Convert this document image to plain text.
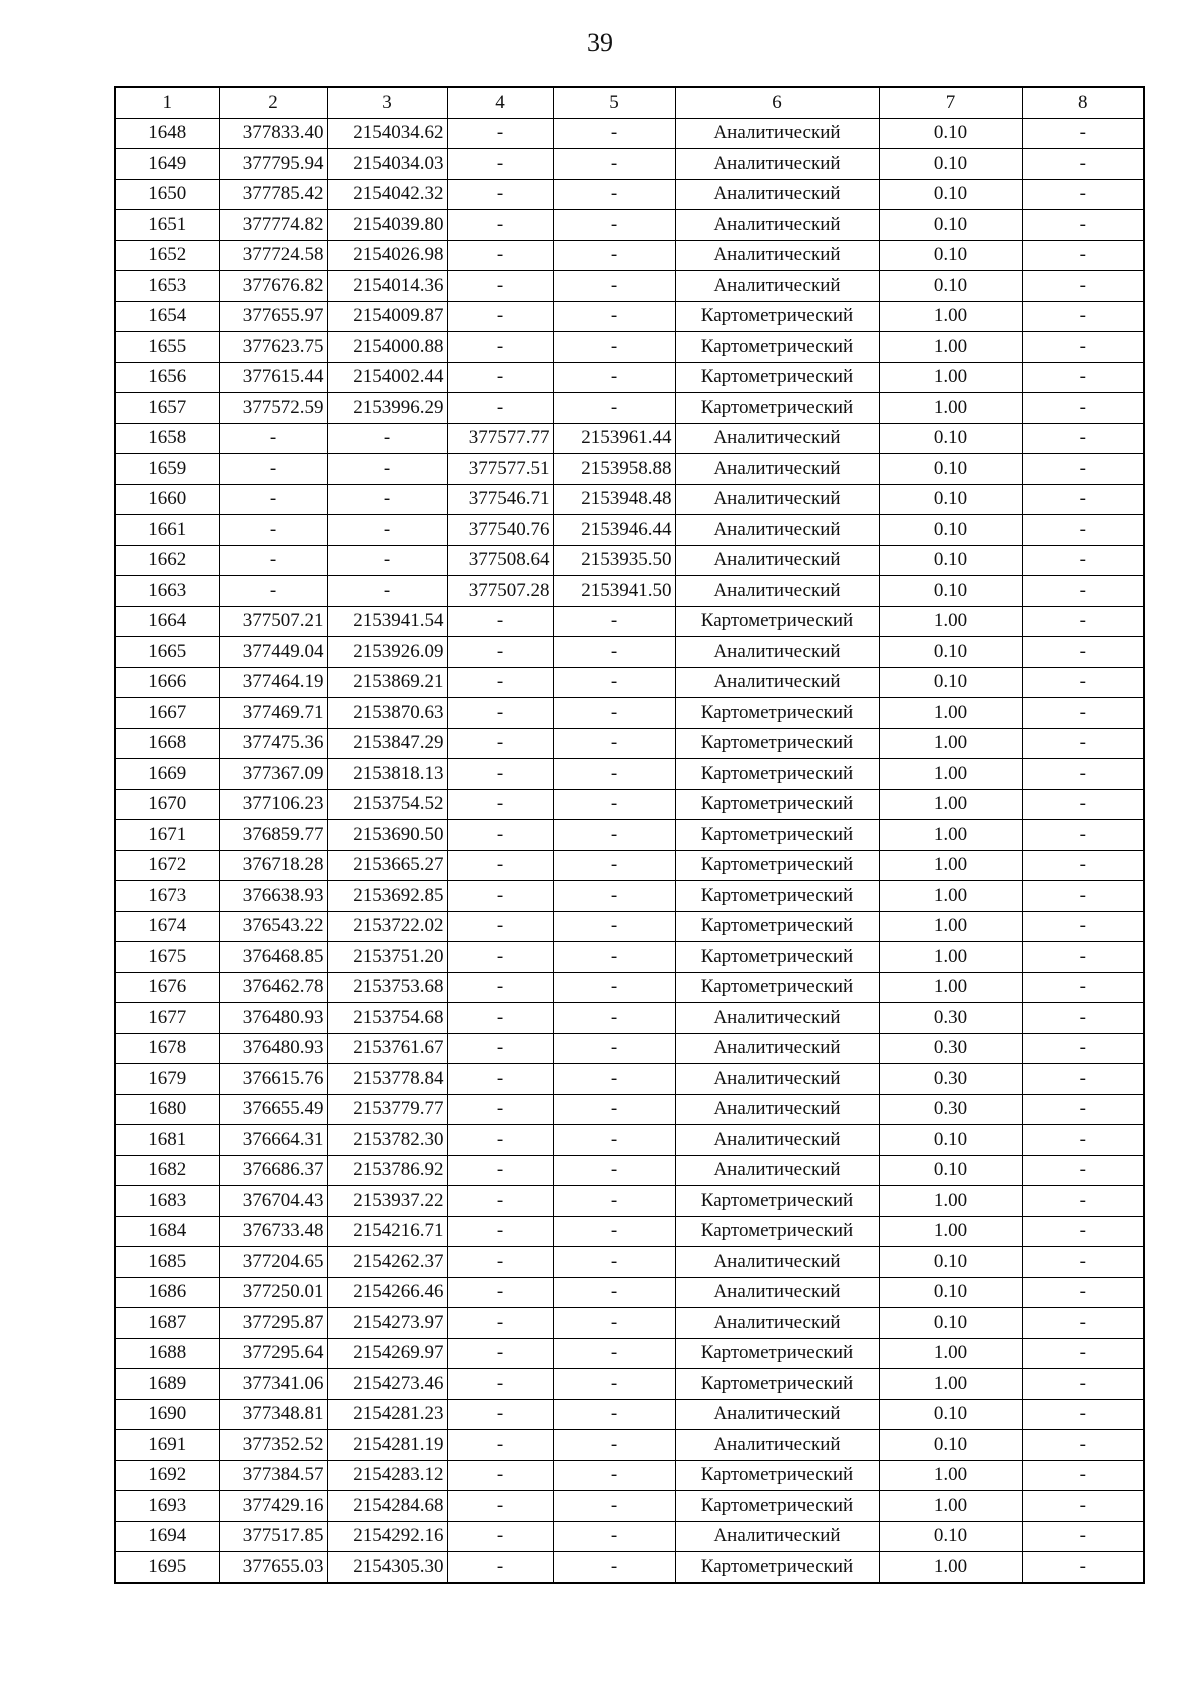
39
1	2	3	4	5	6	7	8
1648	377833.40	2154034.62	-	-	Аналитический	0.10	-
1649	377795.94	2154034.03	-	-	Аналитический	0.10	-
1650	377785.42	2154042.32	-	-	Аналитический	0.10	-
1651	377774.82	2154039.80	-	-	Аналитический	0.10	-
1652	377724.58	2154026.98	-	-	Аналитический	0.10	-
1653	377676.82	2154014.36	-	-	Аналитический	0.10	-
1654	377655.97	2154009.87	-	-	Картометрический	1.00	-
1655	377623.75	2154000.88	-	-	Картометрический	1.00	-
1656	377615.44	2154002.44	-	-	Картометрический	1.00	-
1657	377572.59	2153996.29	-	-	Картометрический	1.00	-
1658	-	-	377577.77	2153961.44	Аналитический	0.10	-
1659	-	-	377577.51	2153958.88	Аналитический	0.10	-
1660	-	-	377546.71	2153948.48	Аналитический	0.10	-
1661	-	-	377540.76	2153946.44	Аналитический	0.10	-
1662	-	-	377508.64	2153935.50	Аналитический	0.10	-
1663	-	-	377507.28	2153941.50	Аналитический	0.10	-
1664	377507.21	2153941.54	-	-	Картометрический	1.00	-
1665	377449.04	2153926.09	-	-	Аналитический	0.10	-
1666	377464.19	2153869.21	-	-	Аналитический	0.10	-
1667	377469.71	2153870.63	-	-	Картометрический	1.00	-
1668	377475.36	2153847.29	-	-	Картометрический	1.00	-
1669	377367.09	2153818.13	-	-	Картометрический	1.00	-
1670	377106.23	2153754.52	-	-	Картометрический	1.00	-
1671	376859.77	2153690.50	-	-	Картометрический	1.00	-
1672	376718.28	2153665.27	-	-	Картометрический	1.00	-
1673	376638.93	2153692.85	-	-	Картометрический	1.00	-
1674	376543.22	2153722.02	-	-	Картометрический	1.00	-
1675	376468.85	2153751.20	-	-	Картометрический	1.00	-
1676	376462.78	2153753.68	-	-	Картометрический	1.00	-
1677	376480.93	2153754.68	-	-	Аналитический	0.30	-
1678	376480.93	2153761.67	-	-	Аналитический	0.30	-
1679	376615.76	2153778.84	-	-	Аналитический	0.30	-
1680	376655.49	2153779.77	-	-	Аналитический	0.30	-
1681	376664.31	2153782.30	-	-	Аналитический	0.10	-
1682	376686.37	2153786.92	-	-	Аналитический	0.10	-
1683	376704.43	2153937.22	-	-	Картометрический	1.00	-
1684	376733.48	2154216.71	-	-	Картометрический	1.00	-
1685	377204.65	2154262.37	-	-	Аналитический	0.10	-
1686	377250.01	2154266.46	-	-	Аналитический	0.10	-
1687	377295.87	2154273.97	-	-	Аналитический	0.10	-
1688	377295.64	2154269.97	-	-	Картометрический	1.00	-
1689	377341.06	2154273.46	-	-	Картометрический	1.00	-
1690	377348.81	2154281.23	-	-	Аналитический	0.10	-
1691	377352.52	2154281.19	-	-	Аналитический	0.10	-
1692	377384.57	2154283.12	-	-	Картометрический	1.00	-
1693	377429.16	2154284.68	-	-	Картометрический	1.00	-
1694	377517.85	2154292.16	-	-	Аналитический	0.10	-
1695	377655.03	2154305.30	-	-	Картометрический	1.00	-
